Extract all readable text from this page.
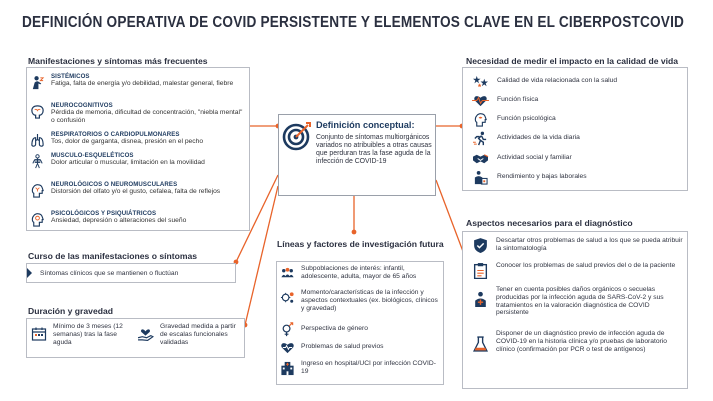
DEFINICIÓN OPERATIVA DE COVID PERSISTENTE Y ELEMENTOS CLAVE EN EL CIBERPOSTCOVID
Manifestaciones y síntomas más frecuentes
SISTÉMICOS
Fatiga, falta de energía y/o debilidad, malestar general, fiebre
NEUROCOGNITIVOS
Pérdida de memoria, dificultad de concentración, "niebla mental" o confusión
RESPIRATORIOS O CARDIOPULMONARES
Tos, dolor de garganta, disnea, presión en el pecho
MUSCULO-ESQUELÉTICOS
Dolor articular o muscular, limitación en la movilidad
NEUROLÓGICOS O NEUROMUSCULARES
Distorsión del olfato y/o el gusto, cefalea, falta de reflejos
PSICOLÓGICOS Y PSIQUIÁTRICOS
Ansiedad, depresión o alteraciones del sueño
Curso de las manifestaciones o síntomas
Síntomas clínicos que se mantienen o fluctúan
Duración y gravedad
Mínimo de 3 meses (12 semanas) tras la fase aguda
Gravedad medida a partir de escalas funcionales validadas
Definición conceptual:
Conjunto de síntomas multiorgánicos variados no atribuibles a otras causas que perduran tras la fase aguda de la infección de COVID-19
Líneas y factores de investigación futura
Subpoblaciones de interés: infantil, adolescente, adulta, mayor de 65 años
Momento/características de la infección y aspectos contextuales (ex. biológicos, clínicos y gravedad)
Perspectiva de género
Problemas de salud previos
Ingreso en hospital/UCI por infección COVID-19
Necesidad de medir el impacto en la calidad de vida
Calidad de vida relacionada con la salud
Función física
Función psicológica
Actividades de la vida diaria
Actividad social y familiar
Rendimiento y bajas laborales
Aspectos necesarios para el diagnóstico
Descartar otros problemas de salud a los que se pueda atribuir la sintomatología
Conocer los problemas de salud previos del o de la paciente
Tener en cuenta posibles daños orgánicos o secuelas producidas por la infección aguda de SARS-CoV-2 y sus tratamientos en la valoración diagnóstica de COVID persistente
Disponer de un diagnóstico previo de infección aguda de COVID-19 en la historia clínica y/o pruebas de laboratorio clínico (confirmación por PCR o test de antígenos)
